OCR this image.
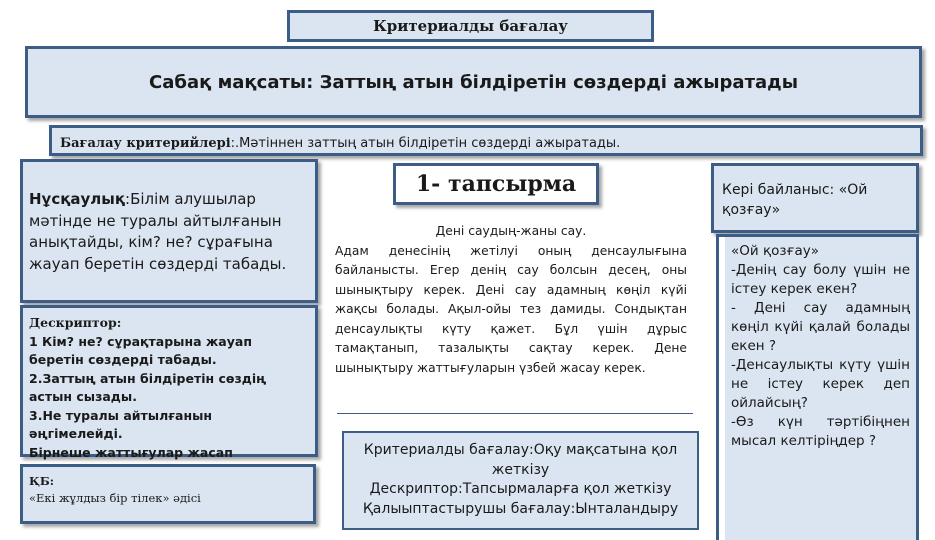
Критериалды бағалау
Сабақ мақсаты: Заттың атын білдіретін сөздерді ажыратады
Бағалау критерийлері:.Мәтіннен заттың атын білдіретін сөздерді ажыратады.
Нұсқаулық:Білім алушылар мәтінде не туралы айтылғанын анықтайды, кім? не? сұрағына жауап беретін сөздерді табады.
Дескриптор:
1 Кім? не? сұрақтарына жауап беретін сөздерді табады.
2.Заттың атын білдіретін сөздің астын сызады.
3.Не туралы айтылғанын әңгімелейді.
Бірнеше жаттығулар жасап
ҚБ:
«Екі жұлдыз бір тілек» әдісі
1- тапсырма
Дені саудың-жаны сау.
Адам денесінің жетілуі оның денсаулығына байланысты. Егер денің сау болсын десең, оны шынықтыру керек. Дені сау адамның көңіл күйі жақсы болады. Ақыл-ойы тез дамиды. Сондықтан денсаулықты күту қажет. Бұл үшін дұрыс тамақтанып, тазалықты сақтау керек. Дене шынықтыру жаттығуларын үзбей жасау керек.
Критериалды бағалау:Оқу мақсатына қол жеткізу
Дескриптор:Тапсырмаларға қол жеткізу
Қалыыптастырушы бағалау:Ынталандыру
Кері байланыс: «Ой қозғау»

«Ой қозғау»

-Денің сау болу үшін не істеу керек екен?

- Дені сау адамның көңіл күйі қалай болады екен ?

-Денсаулықты күту үшін не істеу керек деп ойлайсың?

-Өз күн тәртібіңнен мысал келтіріңдер ?
